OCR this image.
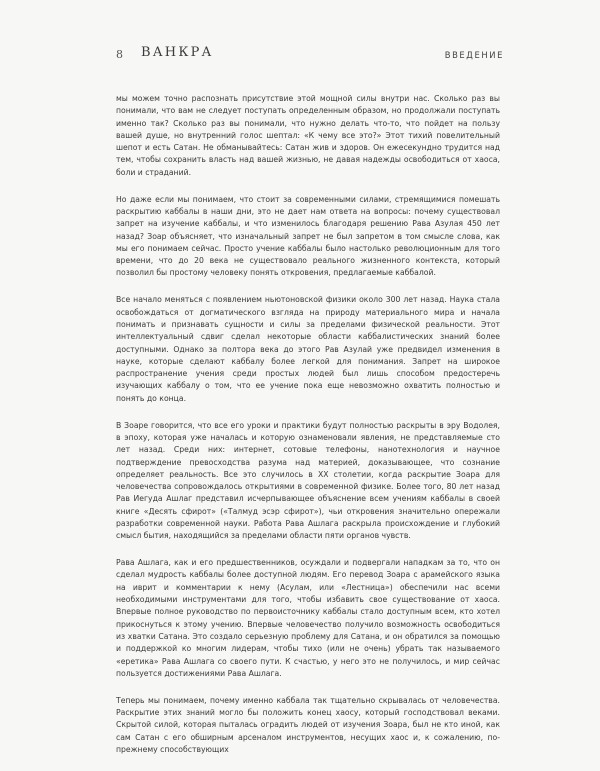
8 ВАНКРА	ВВЕДЕНИЕ

мы можем точно распознать присутствие этой мощной силы внутри нас. Сколько раз вы понимали, что вам не следует поступать определенным образом, но продолжали поступать именно так? Сколько раз вы понимали, что нужно делать что-то, что пойдет на пользу вашей душе, но внутренний голос шептал: «К чему все это?» Этот тихий повелительный шепот и есть Сатан. Не обманывайтесь: Сатан жив и здоров. Он ежесекундно трудится над тем, чтобы сохранить власть над вашей жизнью, не давая надежды освободиться от хаоса, боли и страданий.

Но даже если мы понимаем, что стоит за современными силами, стремящимися помешать раскрытию каббалы в наши дни, это не дает нам ответа на вопросы: почему существовал запрет на изучение каббалы, и что изменилось благодаря решению Рава Азулая 450 лет назад? Зоар объясняет, что изначальный запрет не был запретом в том смысле слова, как мы его понимаем сейчас. Просто учение каббалы было настолько революционным для того времени, что до 20 века не существовало реального жизненного контекста, который позволил бы простому человеку понять откровения, предлагаемые каббалой.

Все начало меняться с появлением ньютоновской физики около 300 лет назад. Наука стала освобождаться от догматического взгляда на природу материального мира и начала понимать и признавать сущности и силы за пределами физической реальности. Этот интеллектуальный сдвиг сделал некоторые области каббалистических знаний более доступными. Однако за полтора века до этого Рав Азулай уже предвидел изменения в науке, которые сделают каббалу более легкой для понимания. Запрет на широкое распространение учения среди простых людей был лишь способом предостеречь изучающих каббалу о том, что ее учение пока еще невозможно охватить полностью и понять до конца.

В Зоаре говорится, что все его уроки и практики будут полностью раскрыты в эру Водолея, в эпоху, которая уже началась и которую ознаменовали явления, не представляемые сто лет назад. Среди них: интернет, сотовые телефоны, нанотехнология и научное подтверждение превосходства разума над материей, доказывающее, что сознание определяет реальность. Все это случилось в XX столетии, когда раскрытие Зоара для человечества сопровождалось открытиями в современной физике. Более того, 80 лет назад Рав Иегуда Ашлаг представил исчерпывающее объяснение всем учениям каббалы в своей книге «Десять сфирот» («Талмуд эсэр сфирот»), чьи откровения значительно опережали разработки современной науки. Работа Рава Ашлага раскрыла происхождение и глубокий смысл бытия, находящийся за пределами области пяти органов чувств.

Рава Ашлага, как и его предшественников, осуждали и подвергали нападкам за то, что он сделал мудрость каббалы более доступной людям. Его перевод Зоара с арамейского языка на иврит и комментарии к нему (Асулам, или «Лестница») обеспечили нас всеми необходимыми инструментами для того, чтобы избавить свое существование от хаоса. Впервые полное руководство по первоисточнику каббалы стало доступным всем, кто хотел прикоснуться к этому учению. Впервые человечество получило возможность освободиться из хватки Сатана. Это создало серьезную проблему для Сатана, и он обратился за помощью и поддержкой ко многим лидерам, чтобы тихо (или не очень) убрать так называемого «еретика» Рава Ашлага со своего пути. К счастью, у него это не получилось, и мир сейчас пользуется достижениями Рава Ашлага.

Теперь мы понимаем, почему именно каббала так тщательно скрывалась от человечества. Раскрытие этих знаний могло бы положить конец хаосу, который господствовал веками. Скрытой силой, которая пыталась оградить людей от изучения Зоара, был не кто иной, как сам Сатан с его обширным арсеналом инструментов, несущих хаос и, к сожалению, по-прежнему способствующих
